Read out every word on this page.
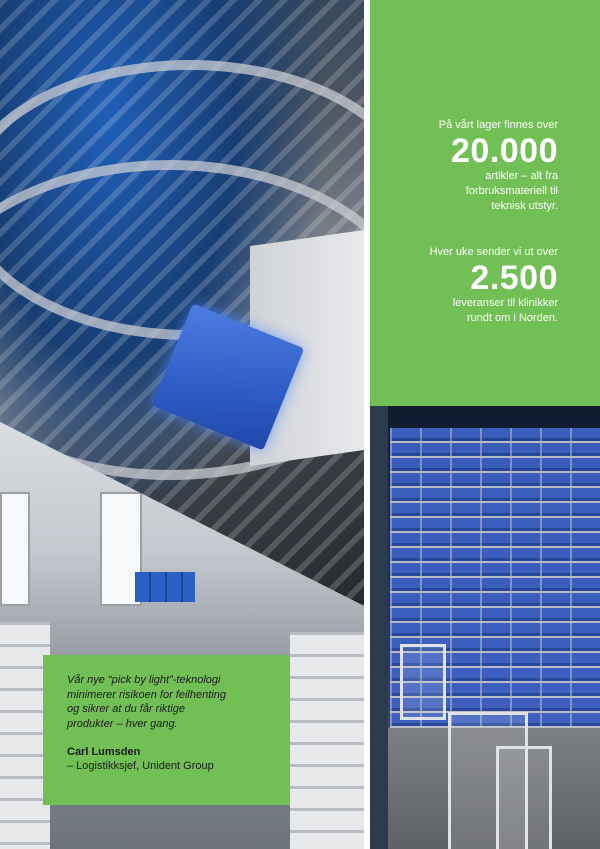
På vårt lager finnes over
20.000
artikler – alt fra
forbruksmateriell til
teknisk utstyr.
Hver uke sender vi ut over
2.500
leveranser til klinikker
rundt om i Norden.
Vår nye “pick by light”-teknologi
minimerer risikoen for feilhenting
og sikrer at du får riktige
produkter – hver gang.
Carl Lumsden
– Logistikksjef, Unident Group
